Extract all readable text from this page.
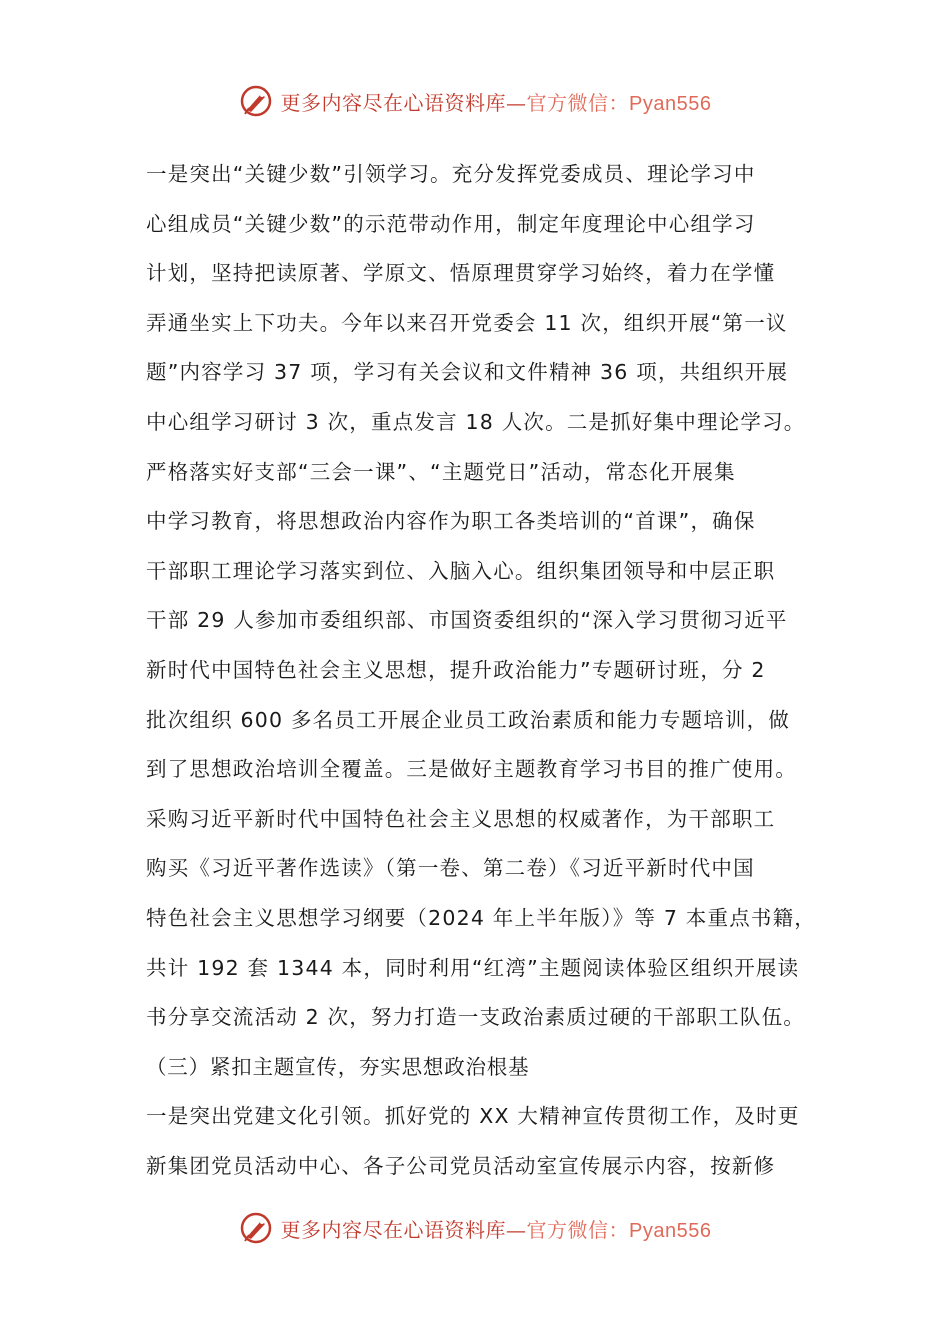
更多内容尽在心语资料库—官方微信：Pyan556
一是突出“关键少数”引领学习。充分发挥党委成员、理论学习中
心组成员“关键少数”的示范带动作用，制定年度理论中心组学习
计划，坚持把读原著、学原文、悟原理贯穿学习始终，着力在学懂
弄通坐实上下功夫。今年以来召开党委会 11 次，组织开展“第一议
题”内容学习 37 项，学习有关会议和文件精神 36 项，共组织开展
中心组学习研讨 3 次，重点发言 18 人次。二是抓好集中理论学习。
严格落实好支部“三会一课”、“主题党日”活动，常态化开展集
中学习教育，将思想政治内容作为职工各类培训的“首课”，确保
干部职工理论学习落实到位、入脑入心。组织集团领导和中层正职
干部 29 人参加市委组织部、市国资委组织的“深入学习贯彻习近平
新时代中国特色社会主义思想，提升政治能力”专题研讨班，分 2
批次组织 600 多名员工开展企业员工政治素质和能力专题培训，做
到了思想政治培训全覆盖。三是做好主题教育学习书目的推广使用。
采购习近平新时代中国特色社会主义思想的权威著作，为干部职工
购买《习近平著作选读》（第一卷、第二卷）《习近平新时代中国
特色社会主义思想学习纲要（2024 年上半年版）》等 7 本重点书籍，
共计 192 套 1344 本，同时利用“红湾”主题阅读体验区组织开展读
书分享交流活动 2 次，努力打造一支政治素质过硬的干部职工队伍。
（三）紧扣主题宣传，夯实思想政治根基
一是突出党建文化引领。抓好党的 XX 大精神宣传贯彻工作，及时更
新集团党员活动中心、各子公司党员活动室宣传展示内容，按新修
更多内容尽在心语资料库—官方微信：Pyan556
